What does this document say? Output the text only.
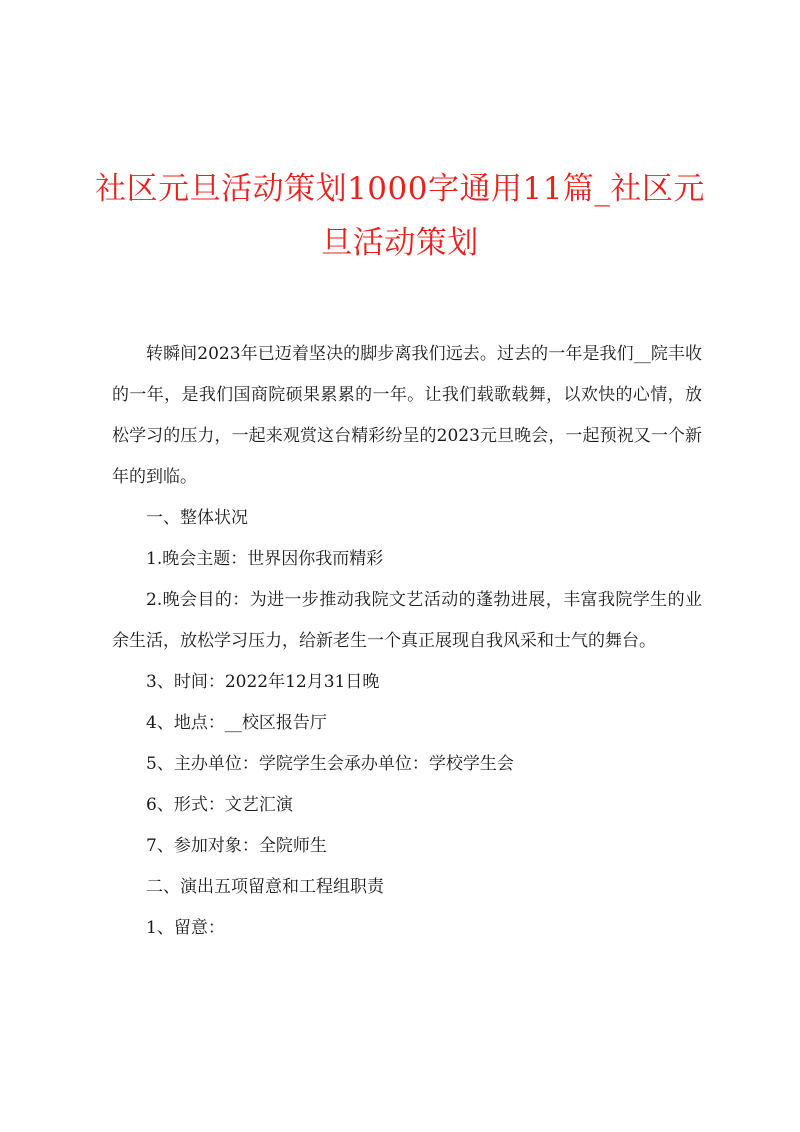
社区元旦活动策划1000字通用11篇_社区元旦活动策划

转瞬间2023年已迈着坚决的脚步离我们远去。过去的一年是我们__院丰收的一年，是我们国商院硕果累累的一年。让我们载歌载舞，以欢快的心情，放松学习的压力，一起来观赏这台精彩纷呈的2023元旦晚会，一起预祝又一个新年的到临。

一、整体状况

1.晚会主题：世界因你我而精彩

2.晚会目的：为进一步推动我院文艺活动的蓬勃进展，丰富我院学生的业余生活，放松学习压力，给新老生一个真正展现自我风采和士气的舞台。

3、时间：2022年12月31日晚

4、地点：__校区报告厅

5、主办单位：学院学生会承办单位：学校学生会

6、形式：文艺汇演

7、参加对象：全院师生

二、演出五项留意和工程组职责

1、留意：
